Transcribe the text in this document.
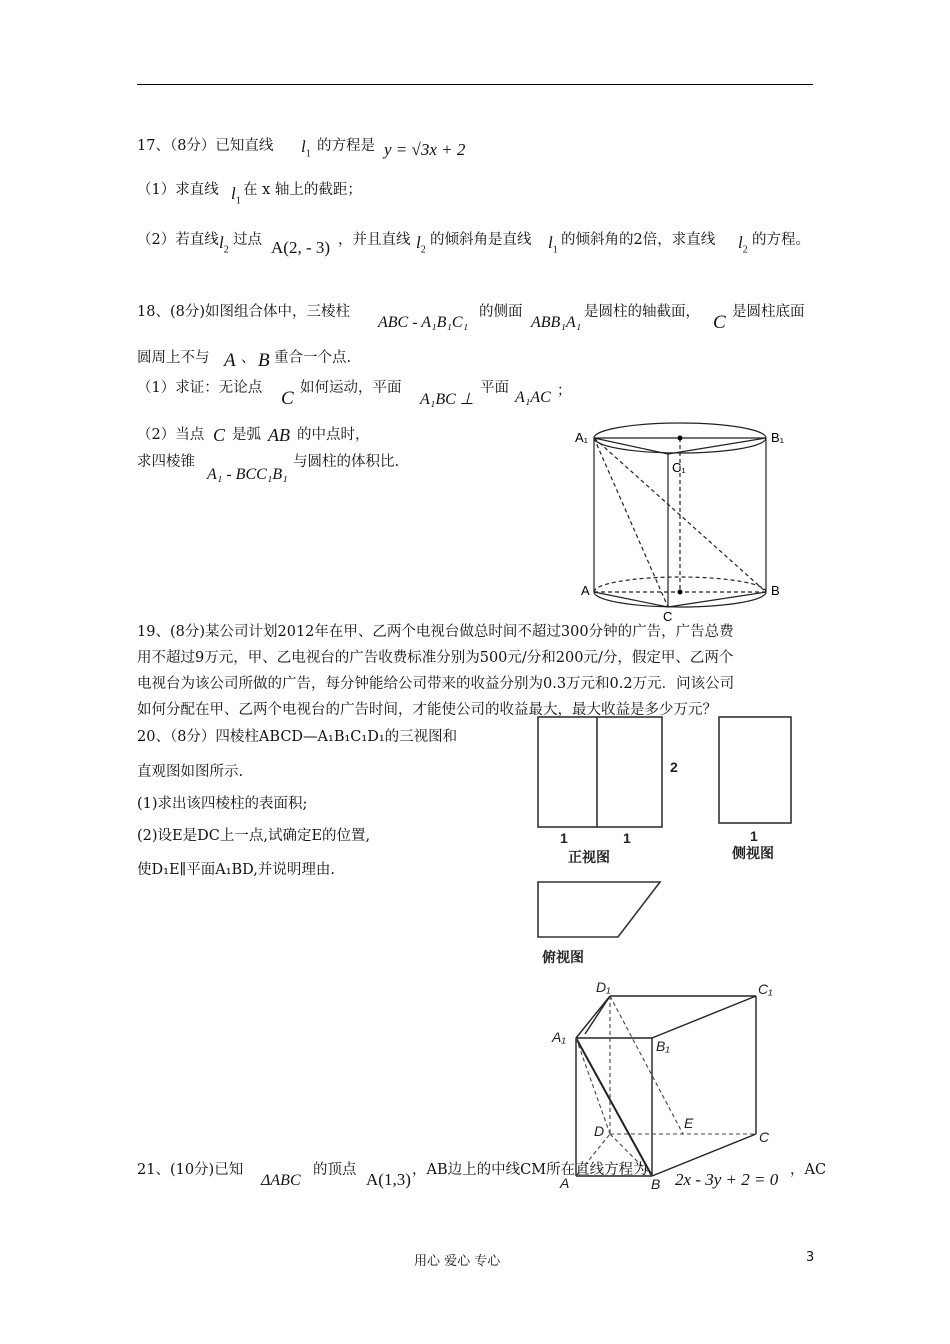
17、（8分）已知直线 $l_1$ 的方程是 y = √3x + 2
（1）求直线 $l_1$
在 x 轴上的截距；
（2）若直线 $l_2$
过点 A(2, - 3) ，并且直线 $l_2$
的倾斜角是直线 $l_1$
的倾斜角的2倍，求直线 $l_2$
的方程。
18、(8分)如图组合体中，三棱柱
ABC - A₁B₁C₁
的侧面
ABB₁A₁
是圆柱的轴截面， C 是圆柱底面
圆周上不与 A 、 B 重合一个点.
（1）求证：无论点 C 如何运动，平面
A₁BC ⊥
平面
A₁AC ；
（2）当点 C 是弧 AB 的中点时，
求四棱锥
A₁ - BCC₁B₁
与圆柱的体积比.
A₁	B₁
C₁
A	B
C
19、(8分)某公司计划2012年在甲、乙两个电视台做总时间不超过300分钟的广告，广告总费
用不超过9万元，甲、乙电视台的广告收费标准分别为500元/分和200元/分，假定甲、乙两个
电视台为该公司所做的广告，每分钟能给公司带来的收益分别为0.3万元和0.2万元．问该公司
如何分配在甲、乙两个电视台的广告时间，才能使公司的收益最大，最大收益是多少万元？
20、（8分）四棱柱ABCD—A₁B₁C₁D₁的三视图和
直观图如图所示.
(1)求出该四棱柱的表面积;
(2)设E是DC上一点,试确定E的位置,
使D₁E∥平面A₁BD,并说明理由.
2
1	1	1
正视图	侧视图
俯视图
D₁	C₁
A₁
B₁
D	E
C
A	B
21、(10分)已知
ΔABC
的顶点 A(1,3) ，AB边上的中线CM所在直线方程为 2x - 3y + 2 = 0 ，AC
用心 爱心 专心	3
